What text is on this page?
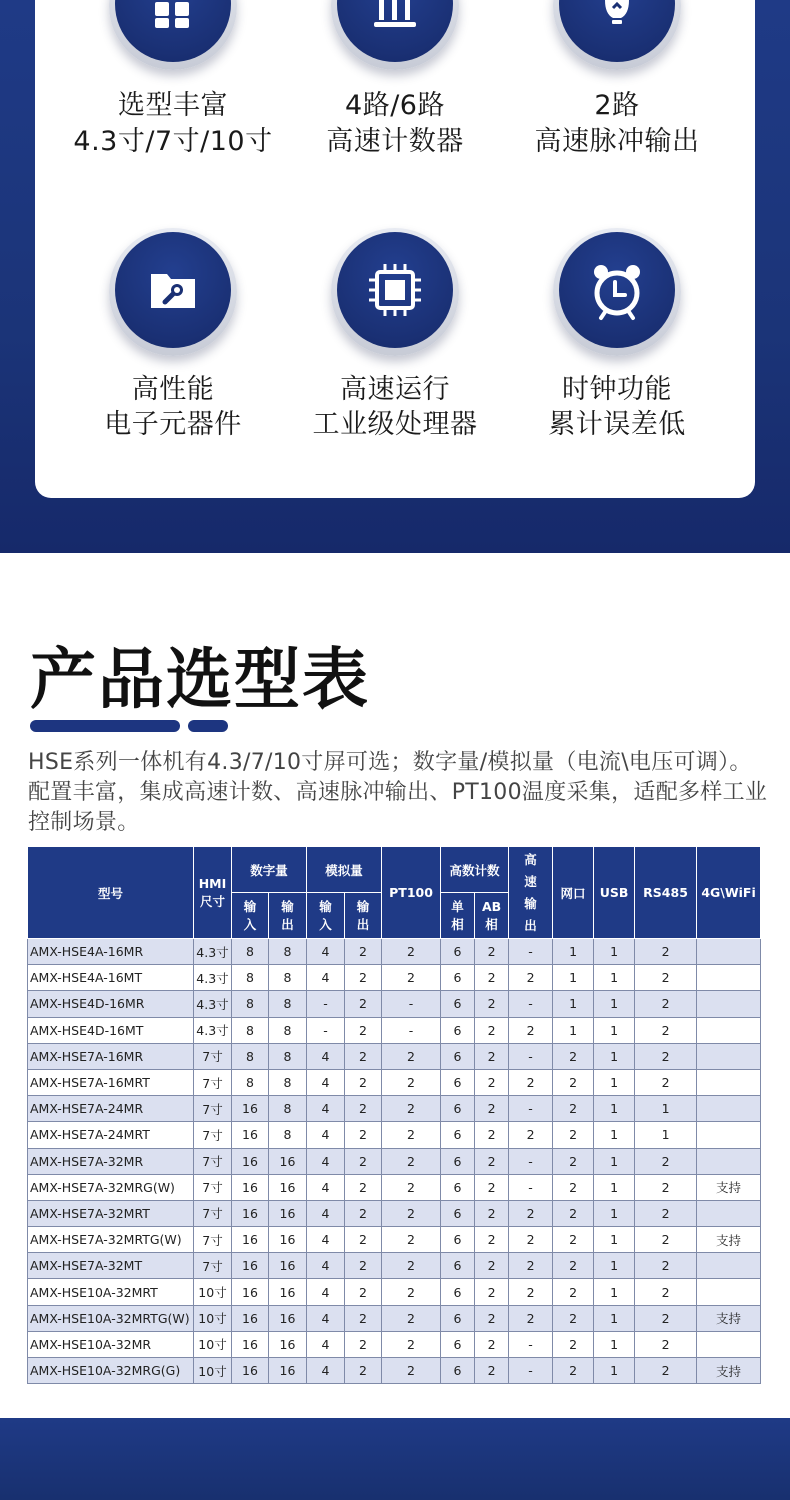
选型丰富
4.3寸/7寸/10寸
4路/6路
高速计数器
2路
高速脉冲输出
高性能
电子元器件
高速运行
工业级处理器
时钟功能
累计误差低
产品选型表

HSE系列一体机有4.3/7/10寸屏可选；数字量/模拟量（电流\电压可调）。配置丰富，集成高速计数、高速脉冲输出、PT100温度采集，适配多样工业控制场景。

型号	HMI尺寸	数字量		模拟量		PT100	高数计数		高速输出	网口	USB	RS485	4G\WiFi
		输入	输出	输入	输出		单相	AB相					
AMX-HSE4A-16MR	4.3寸	8	8	4	2	2	6	2	-	1	1	2	
AMX-HSE4A-16MT	4.3寸	8	8	4	2	2	6	2	2	1	1	2	
AMX-HSE4D-16MR	4.3寸	8	8	-	2	-	6	2	-	1	1	2	
AMX-HSE4D-16MT	4.3寸	8	8	-	2	-	6	2	2	1	1	2	
AMX-HSE7A-16MR	7寸	8	8	4	2	2	6	2	-	2	1	2	
AMX-HSE7A-16MRT	7寸	8	8	4	2	2	6	2	2	2	1	2	
AMX-HSE7A-24MR	7寸	16	8	4	2	2	6	2	-	2	1	1	
AMX-HSE7A-24MRT	7寸	16	8	4	2	2	6	2	2	2	1	1	
AMX-HSE7A-32MR	7寸	16	16	4	2	2	6	2	-	2	1	2	
AMX-HSE7A-32MRG(W)	7寸	16	16	4	2	2	6	2	-	2	1	2	支持
AMX-HSE7A-32MRT	7寸	16	16	4	2	2	6	2	2	2	1	2	
AMX-HSE7A-32MRTG(W)	7寸	16	16	4	2	2	6	2	2	2	1	2	支持
AMX-HSE7A-32MT	7寸	16	16	4	2	2	6	2	2	2	1	2	
AMX-HSE10A-32MRT	10寸	16	16	4	2	2	6	2	2	2	1	2	
AMX-HSE10A-32MRTG(W)	10寸	16	16	4	2	2	6	2	2	2	1	2	支持
AMX-HSE10A-32MR	10寸	16	16	4	2	2	6	2	-	2	1	2	
AMX-HSE10A-32MRG(G)	10寸	16	16	4	2	2	6	2	-	2	1	2	支持
